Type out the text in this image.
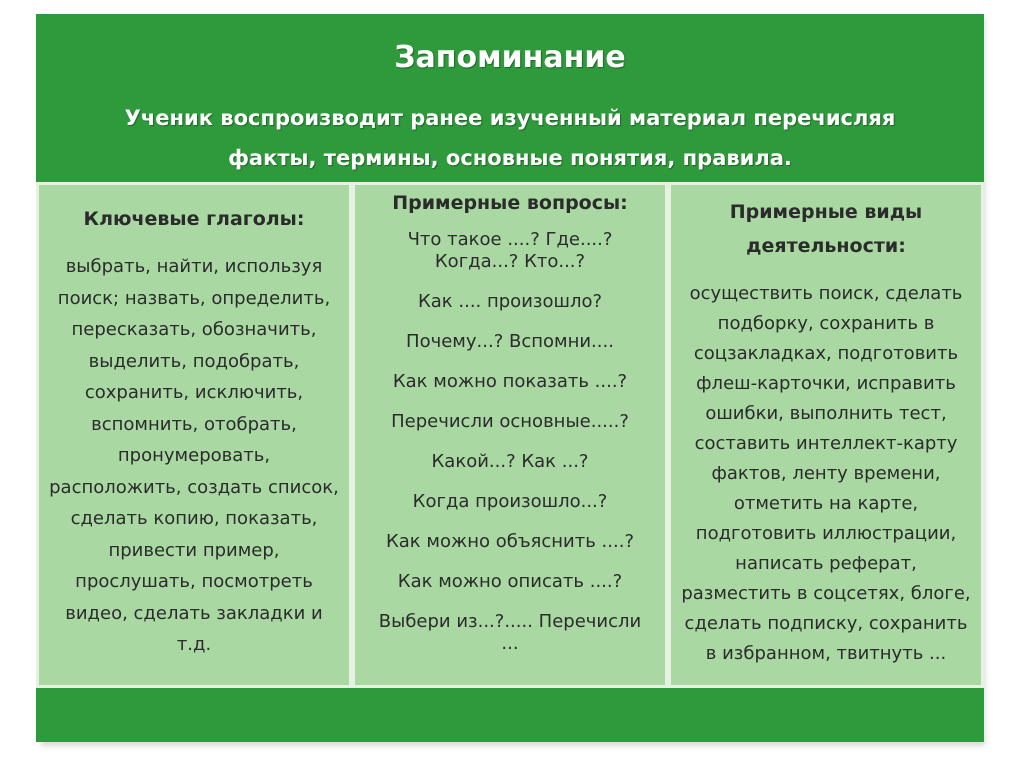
Запоминание
Ученик воспроизводит ранее изученный материал перечисляя факты, термины, основные понятия, правила.
Ключевые глаголы:
выбрать, найти, используя поиск; назвать, определить, пересказать, обозначить, выделить, подобрать, сохранить, исключить, вспомнить, отобрать, пронумеровать, расположить, создать список, сделать копию, показать, привести пример, прослушать, посмотреть видео, сделать закладки и т.д.
Примерные вопросы:
Что такое ....? Где....?
Когда...? Кто...?
Как .... произошло?
Почему...? Вспомни....
Как можно показать ....?
Перечисли основные.....?
Какой...? Как ...?
Когда произошло...?
Как можно объяснить ....?
Как можно описать ....?
Выбери из...?..... Перечисли
...
Примерные виды деятельности:
осуществить поиск, сделать подборку, сохранить в соцзакладках, подготовить флеш-карточки, исправить ошибки, выполнить тест, составить интеллект-карту фактов, ленту времени, отметить на карте, подготовить иллюстрации, написать реферат, разместить в соцсетях, блоге, сделать подписку, сохранить в избранном, твитнуть ...
